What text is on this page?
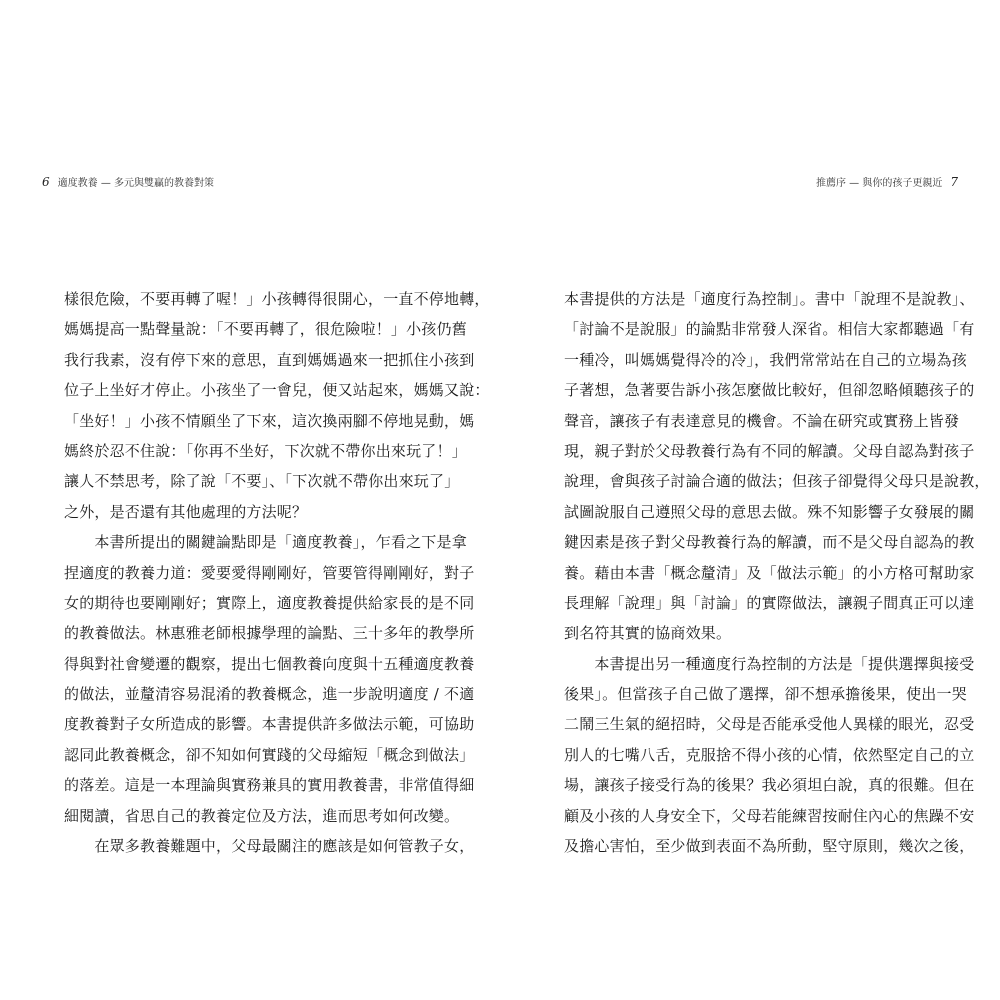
6 適度教養 — 多元與雙贏的教養對策	推薦序 — 與你的孩子更親近 7
樣很危險，不要再轉了喔！」小孩轉得很開心，一直不停地轉，
媽媽提高一點聲量說：「不要再轉了，很危險啦！」小孩仍舊
我行我素，沒有停下來的意思，直到媽媽過來一把抓住小孩到
位子上坐好才停止。小孩坐了一會兒，便又站起來，媽媽又說：
「坐好！」小孩不情願坐了下來，這次換兩腳不停地晃動，媽
媽終於忍不住說：「你再不坐好，下次就不帶你出來玩了！」
讓人不禁思考，除了說「不要」、「下次就不帶你出來玩了」
之外，是否還有其他處理的方法呢？
　　本書所提出的關鍵論點即是「適度教養」，乍看之下是拿
捏適度的教養力道：愛要愛得剛剛好，管要管得剛剛好，對子
女的期待也要剛剛好；實際上，適度教養提供給家長的是不同
的教養做法。林惠雅老師根據學理的論點、三十多年的教學所
得與對社會變遷的觀察，提出七個教養向度與十五種適度教養
的做法，並釐清容易混淆的教養概念，進一步說明適度 / 不適
度教養對子女所造成的影響。本書提供許多做法示範，可協助
認同此教養概念，卻不知如何實踐的父母縮短「概念到做法」
的落差。這是一本理論與實務兼具的實用教養書，非常值得細
細閱讀，省思自己的教養定位及方法，進而思考如何改變。
　　在眾多教養難題中，父母最關注的應該是如何管教子女，
本書提供的方法是「適度行為控制」。書中「說理不是說教」、
「討論不是說服」的論點非常發人深省。相信大家都聽過「有
一種冷，叫媽媽覺得冷的冷」，我們常常站在自己的立場為孩
子著想，急著要告訴小孩怎麼做比較好，但卻忽略傾聽孩子的
聲音，讓孩子有表達意見的機會。不論在研究或實務上皆發
現，親子對於父母教養行為有不同的解讀。父母自認為對孩子
說理，會與孩子討論合適的做法；但孩子卻覺得父母只是說教，
試圖說服自己遵照父母的意思去做。殊不知影響子女發展的關
鍵因素是孩子對父母教養行為的解讀，而不是父母自認為的教
養。藉由本書「概念釐清」及「做法示範」的小方格可幫助家
長理解「說理」與「討論」的實際做法，讓親子間真正可以達
到名符其實的協商效果。
　　本書提出另一種適度行為控制的方法是「提供選擇與接受
後果」。但當孩子自己做了選擇，卻不想承擔後果，使出一哭
二鬧三生氣的絕招時，父母是否能承受他人異樣的眼光，忍受
別人的七嘴八舌，克服捨不得小孩的心情，依然堅定自己的立
場，讓孩子接受行為的後果？我必須坦白說，真的很難。但在
顧及小孩的人身安全下，父母若能練習按耐住內心的焦躁不安
及擔心害怕，至少做到表面不為所動，堅守原則，幾次之後，
